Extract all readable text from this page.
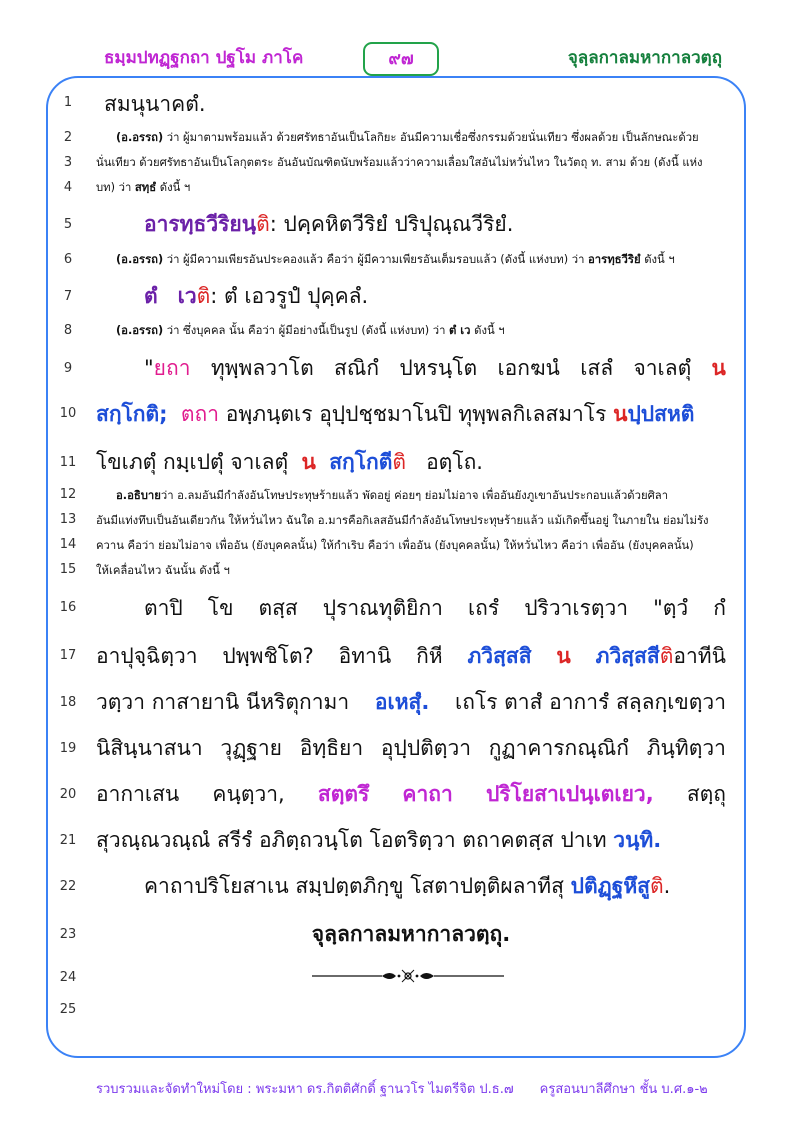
ธมฺมปทฏฺฐกถา ปฐโม ภาโค	๙๗	จุลฺลกาลมหากาลวตฺถุ
1
2
3
4
5
6
7
8
9
10
11
12
13
14
15
16
17
18
19
20
21
22
23
24
25
สมนุนาคตํ.
(อ.อรรถ) ว่า ผู้มาตามพร้อมแล้ว ด้วยศรัทธาอันเป็นโลกิยะ อันมีความเชื่อซึ่งกรรมด้วยนั่นเทียว ซึ่งผลด้วย เป็นลักษณะด้วย
นั่นเทียว ด้วยศรัทธาอันเป็นโลกุตตระ อันอันบัณฑิตนับพร้อมแล้วว่าความเลื่อมใสอันไม่หวั่นไหว ในวัตถุ ท. สาม ด้วย (ดังนี้ แห่ง
บท) ว่า สทฺธํ ดังนี้ ฯ
อารทฺธวีริยนฺติ: ปคฺคหิตวีริยํ ปริปุณฺณวีริยํ.
(อ.อรรถ) ว่า ผู้มีความเพียรอันประคองแล้ว คือว่า ผู้มีความเพียรอันเต็มรอบแล้ว (ดังนี้ แห่งบท) ว่า อารทฺธวีริยํ ดังนี้ ฯ
ตํ เวติ: ตํ เอวรูปํ ปุคฺคลํ.
(อ.อรรถ) ว่า ซึ่งบุคคล นั้น คือว่า ผู้มีอย่างนี้เป็นรูป (ดังนี้ แห่งบท) ว่า ตํ เว ดังนี้ ฯ
"ยถา ทุพฺพลวาโต สณิกํ ปหรนฺโต เอกฆนํ เสลํ จาเลตุํ น
สกฺโกติ; ตถา อพฺภนฺตเร อุปฺปชฺชมาโนปิ ทุพฺพลกิเลสมาโร นปฺปสหติ
โขเภตุํ กมฺเปตุํ จาเลตุํ น สกฺโกตีติ อตฺโถ.
อ.อธิบายว่า อ.ลมอันมีกำลังอันโทษประทุษร้ายแล้ว พัดอยู่ ค่อยๆ ย่อมไม่อาจ เพื่ออันยังภูเขาอันประกอบแล้วด้วยศิลา
อันมีแท่งทึบเป็นอันเดียวกัน ให้หวั่นไหว ฉันใด อ.มารคือกิเลสอันมีกำลังอันโทษประทุษร้ายแล้ว แม้เกิดขึ้นอยู่ ในภายใน ย่อมไม่รัง
ควาน คือว่า ย่อมไม่อาจ เพื่ออัน (ยังบุคคลนั้น) ให้กำเริบ คือว่า เพื่ออัน (ยังบุคคลนั้น) ให้หวั่นไหว คือว่า เพื่ออัน (ยังบุคคลนั้น)
ให้เคลื่อนไหว ฉันนั้น ดังนี้ ฯ
ตาปิ โข ตสฺส ปุราณทุติยิกา เถรํ ปริวาเรตฺวา "ตฺวํ กํ
อาปุจฺฉิตฺวา ปพฺพชิโต? อิทานิ กิหี ภวิสฺสสิ น ภวิสฺสสีติอาทีนิ
วตฺวา กาสายานิ นีหริตุกามา อเหสุํ. เถโร ตาสํ อาการํ สลฺลกฺเขตฺวา
นิสินฺนาสนา วุฏฺฐาย อิทฺธิยา อุปฺปติตฺวา กูฏาคารกณฺณิกํ ภินฺทิตฺวา
อากาเสน คนฺตฺวา, สตฺตรึ คาถา ปริโยสาเปนฺเตเยว, สตฺถุ
สุวณฺณวณฺณํ สรีรํ อภิตฺถวนฺโต โอตริตฺวา ตถาคตสฺส ปาเท วนฺทิ.
คาถาปริโยสาเน สมฺปตฺตภิกฺขู โสตาปตฺติผลาทีสุ ปติฏฺฐหึสูติ.
จุลฺลกาลมหากาลวตฺถุ.
รวบรวมและจัดทำใหม่โดย : พระมหา ดร.กิตติศักดิ์ ฐานวโร ไมตรีจิต ป.ธ.๗ ครูสอนบาลีศึกษา ชั้น บ.ศ.๑-๒
